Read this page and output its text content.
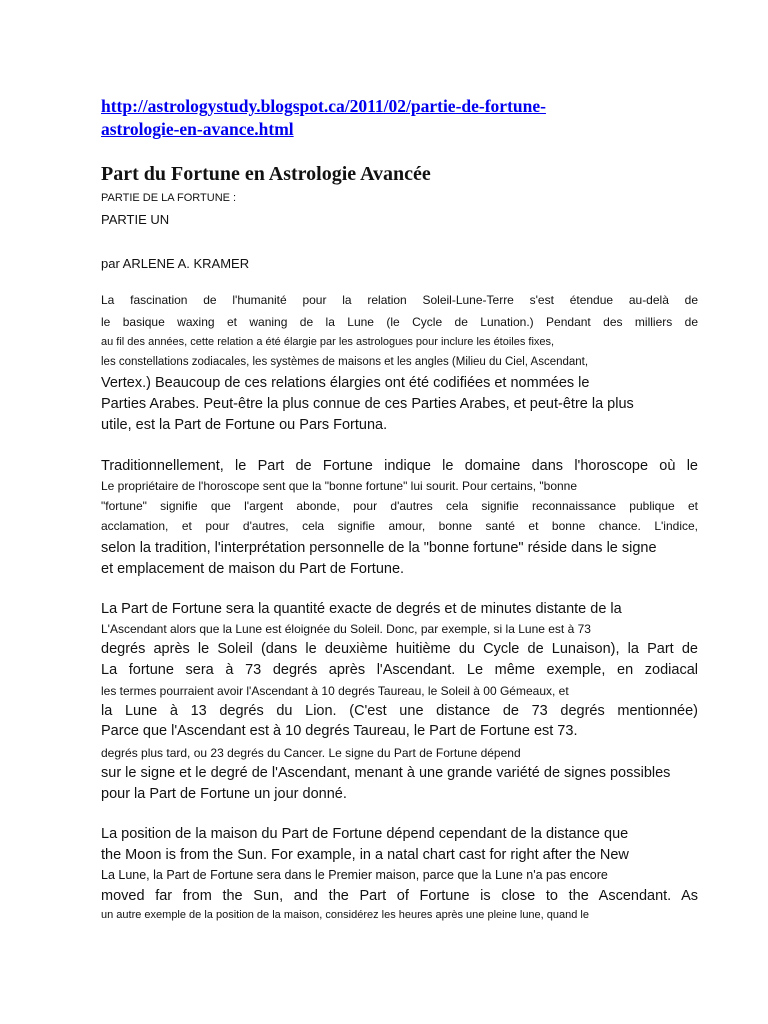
http://astrologystudy.blogspot.ca/2011/02/partie-de-fortune-
astrologie-en-avance.html
Part du Fortune en Astrologie Avancée
PARTIE DE LA FORTUNE :
PARTIE UN
par ARLENE A. KRAMER
La fascination de l'humanité pour la relation Soleil-Lune-Terre s'est étendue au-delà de
le basique waxing et waning de la Lune (le Cycle de Lunation.) Pendant des milliers de
au fil des années, cette relation a été élargie par les astrologues pour inclure les étoiles fixes,
les constellations zodiacales, les systèmes de maisons et les angles (Milieu du Ciel, Ascendant,
Vertex.) Beaucoup de ces relations élargies ont été codifiées et nommées le
Parties Arabes. Peut-être la plus connue de ces Parties Arabes, et peut-être la plus
utile, est la Part de Fortune ou Pars Fortuna.
Traditionnellement, le Part de Fortune indique le domaine dans l'horoscope où le
Le propriétaire de l'horoscope sent que la "bonne fortune" lui sourit. Pour certains, "bonne
"fortune" signifie que l'argent abonde, pour d'autres cela signifie reconnaissance publique et
acclamation, et pour d'autres, cela signifie amour, bonne santé et bonne chance. L'indice,
selon la tradition, l'interprétation personnelle de la "bonne fortune" réside dans le signe
et emplacement de maison du Part de Fortune.
La Part de Fortune sera la quantité exacte de degrés et de minutes distante de la
L'Ascendant alors que la Lune est éloignée du Soleil. Donc, par exemple, si la Lune est à 73
degrés après le Soleil (dans le deuxième huitième du Cycle de Lunaison), la Part de
La fortune sera à 73 degrés après l'Ascendant. Le même exemple, en zodiacal
les termes pourraient avoir l'Ascendant à 10 degrés Taureau, le Soleil à 00 Gémeaux, et
la Lune à 13 degrés du Lion. (C'est une distance de 73 degrés mentionnée)
Parce que l'Ascendant est à 10 degrés Taureau, le Part de Fortune est 73.
degrés plus tard, ou 23 degrés du Cancer. Le signe du Part de Fortune dépend
sur le signe et le degré de l'Ascendant, menant à une grande variété de signes possibles
pour la Part de Fortune un jour donné.
La position de la maison du Part de Fortune dépend cependant de la distance que
the Moon is from the Sun. For example, in a natal chart cast for right after the New
La Lune, la Part de Fortune sera dans le Premier maison, parce que la Lune n'a pas encore
moved far from the Sun, and the Part of Fortune is close to the Ascendant. As
un autre exemple de la position de la maison, considérez les heures après une pleine lune, quand le
